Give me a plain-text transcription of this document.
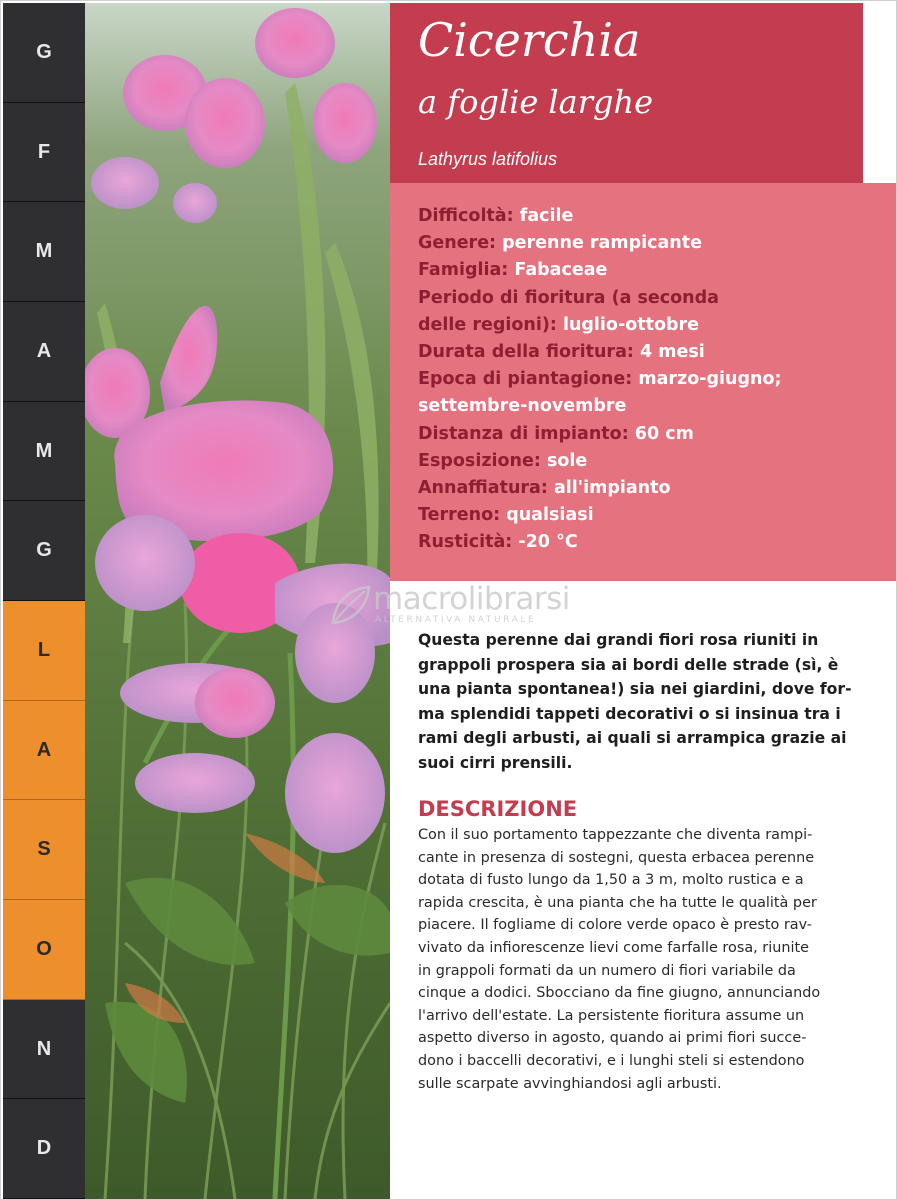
G
F
M
A
M
G
L
A
S
O
N
D
Cicerchia
a foglie larghe
Lathyrus latifolius
Difficoltà: facile
Genere: perenne rampicante
Famiglia: Fabaceae
Periodo di fioritura (a seconda
delle regioni): luglio-ottobre
Durata della fioritura: 4 mesi
Epoca di piantagione: marzo-giugno;
settembre-novembre
Distanza di impianto: 60 cm
Esposizione: sole
Annaffiatura: all'impianto
Terreno: qualsiasi
Rusticità: -20 °C
macrolibrarsi
ALTERNATIVA NATURALE
Questa perenne dai grandi fiori rosa riuniti in
grappoli prospera sia ai bordi delle strade (sì, è
una pianta spontanea!) sia nei giardini, dove for-
ma splendidi tappeti decorativi o si insinua tra i
rami degli arbusti, ai quali si arrampica grazie ai
suoi cirri prensili.
DESCRIZIONE
Con il suo portamento tappezzante che diventa rampi-
cante in presenza di sostegni, questa erbacea perenne
dotata di fusto lungo da 1,50 a 3 m, molto rustica e a
rapida crescita, è una pianta che ha tutte le qualità per
piacere. Il fogliame di colore verde opaco è presto rav-
vivato da infiorescenze lievi come farfalle rosa, riunite
in grappoli formati da un numero di fiori variabile da
cinque a dodici. Sbocciano da fine giugno, annunciando
l'arrivo dell'estate. La persistente fioritura assume un
aspetto diverso in agosto, quando ai primi fiori succe-
dono i baccelli decorativi, e i lunghi steli si estendono
sulle scarpate avvinghiandosi agli arbusti.
